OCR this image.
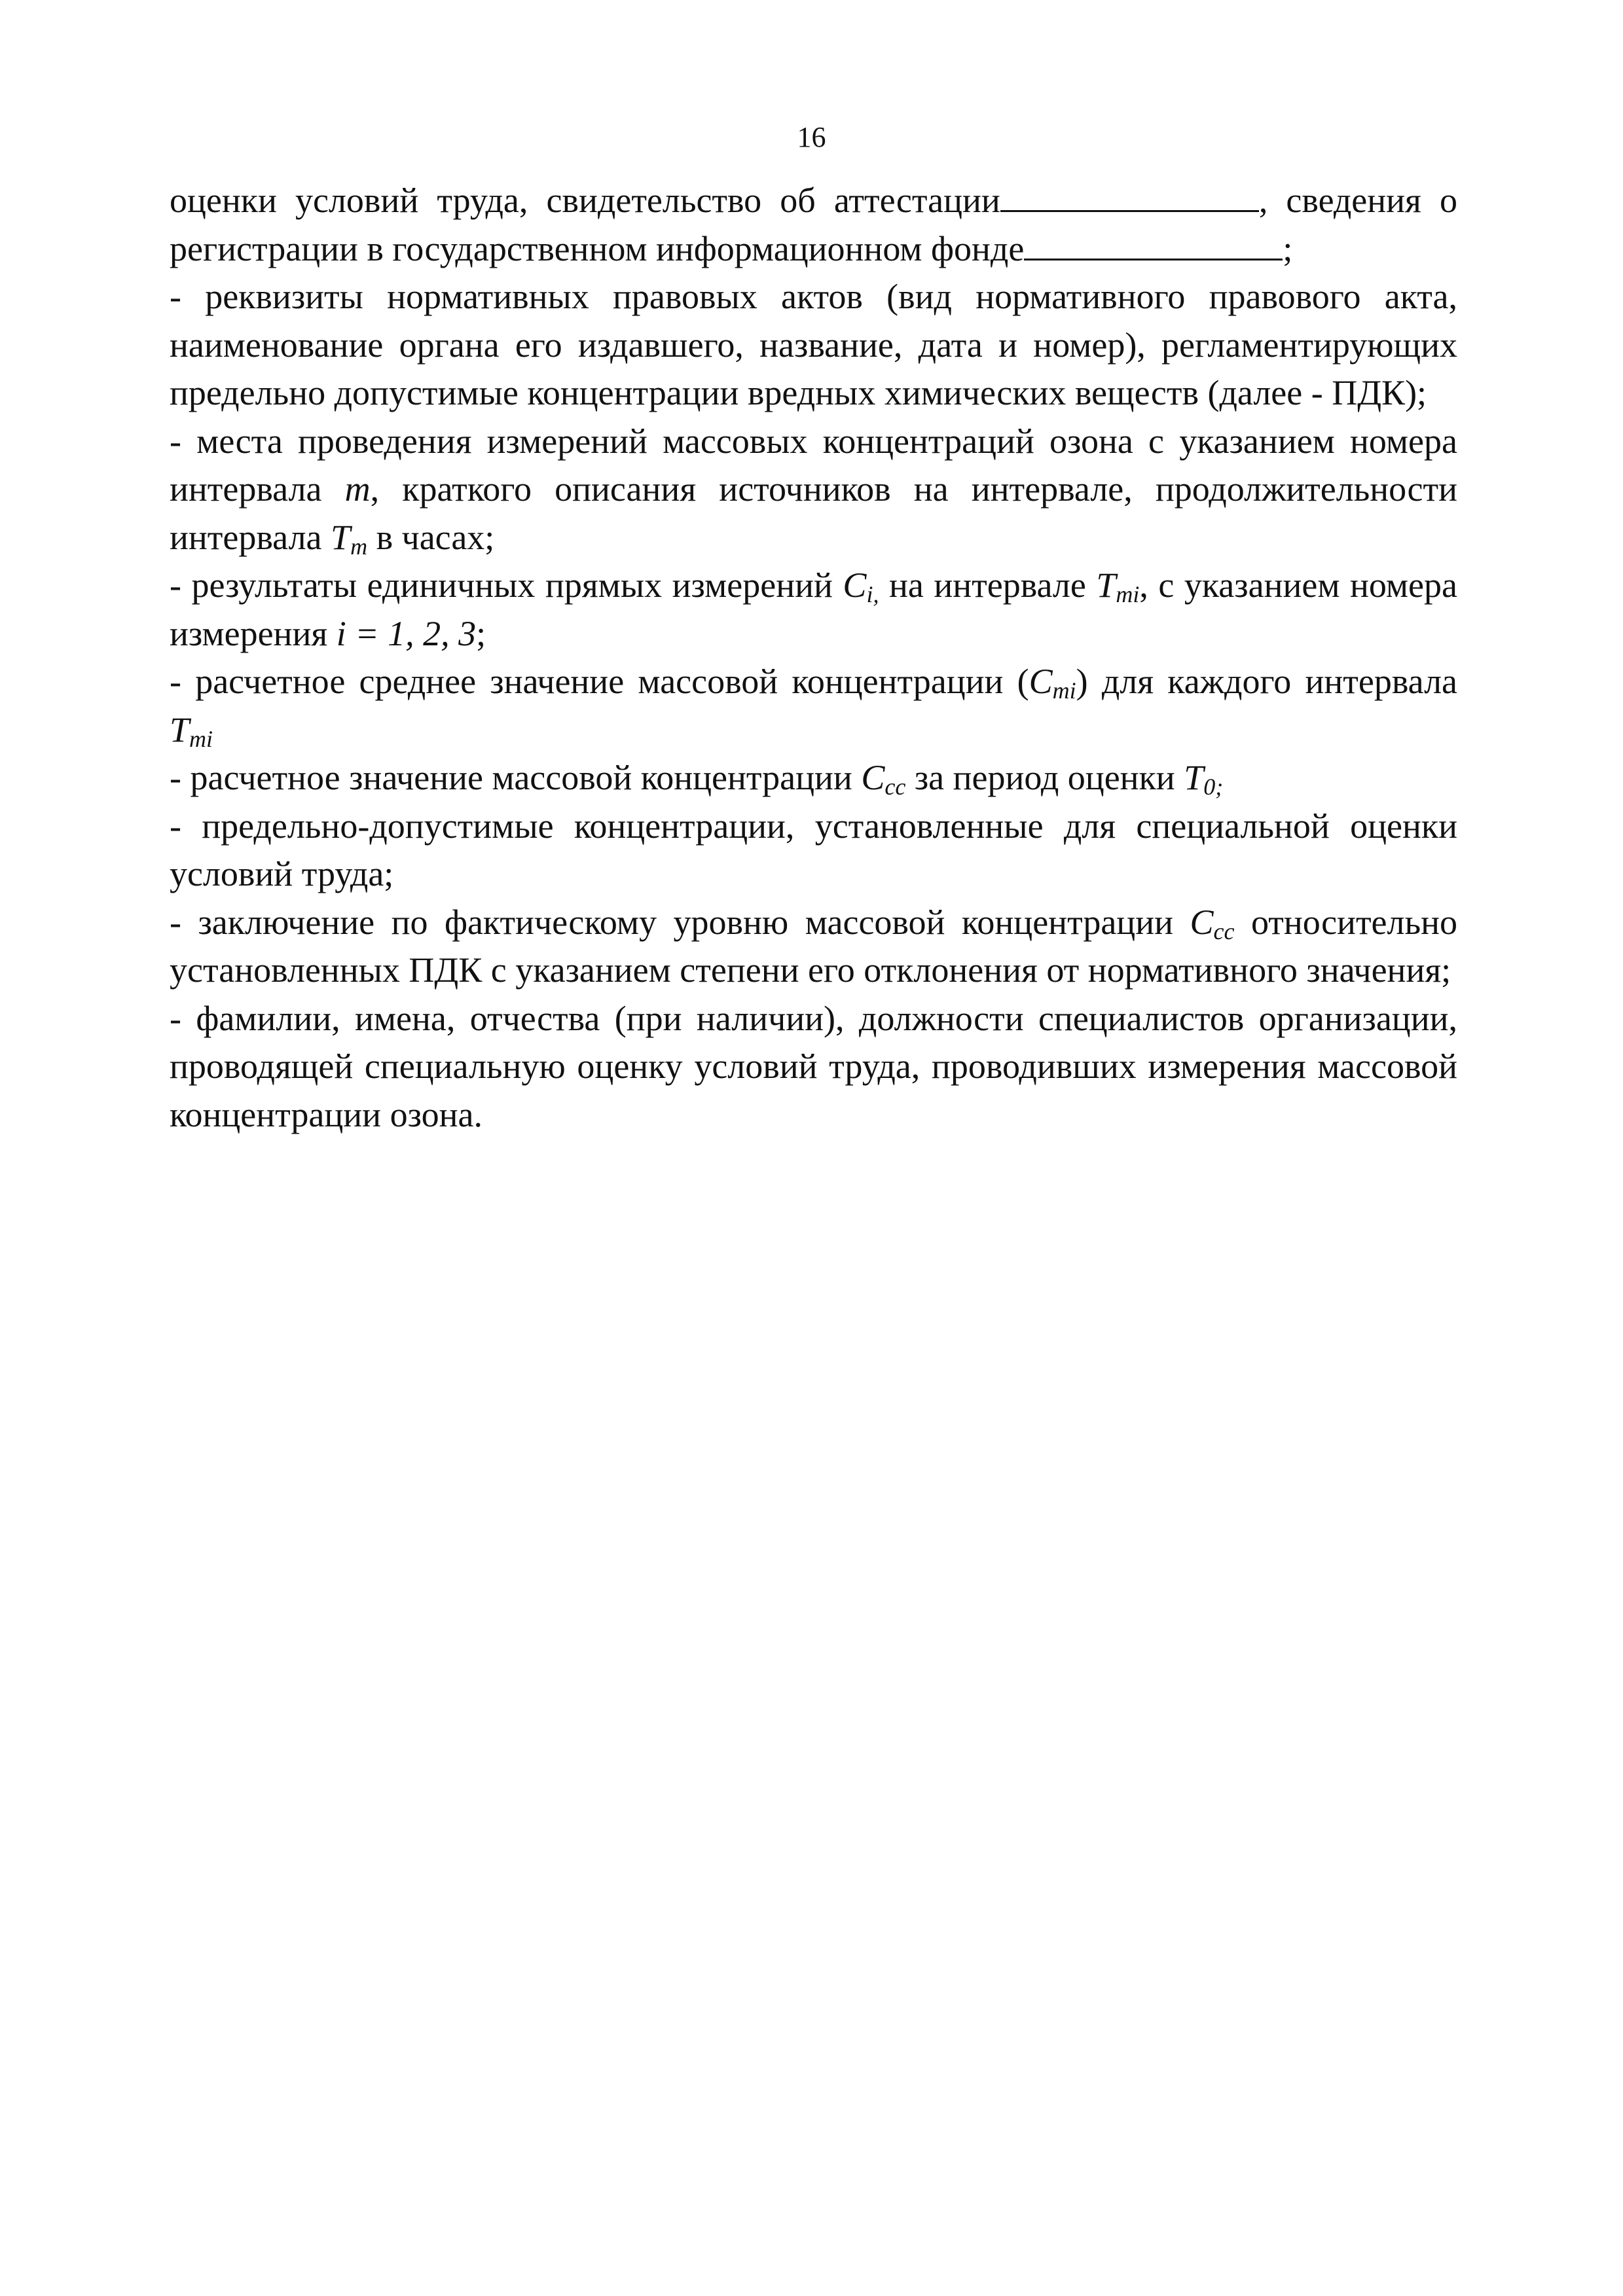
16

оценки условий труда, свидетельство об аттестации	, сведения о регистрации в государственном информационном фонде	;

- реквизиты нормативных правовых актов (вид нормативного правового акта, наименование органа его издавшего, название, дата и номер), регламентирующих предельно допустимые концентрации вредных химических веществ (далее - ПДК);

- места проведения измерений массовых концентраций озона с указанием номера интервала m, краткого описания источников на интервале, продолжительности интервала $T_m$ в часах;

- результаты единичных прямых измерений $C_{i,}$ на интервале $T_{mi}$, с указанием номера измерения i = 1, 2, 3;

- расчетное среднее значение массовой концентрации $(C_{mi})$ для каждого интервала $T_{mi}$

- расчетное значение массовой концентрации $C_{cc}$ за период оценки $T_{0;}$

- предельно-допустимые концентрации, установленные для специальной оценки условий труда;

- заключение по фактическому уровню массовой концентрации $C_{cc}$ относительно установленных ПДК с указанием степени его отклонения от нормативного значения;

- фамилии, имена, отчества (при наличии), должности специалистов организации, проводящей специальную оценку условий труда, проводивших измерения массовой концентрации озона.
